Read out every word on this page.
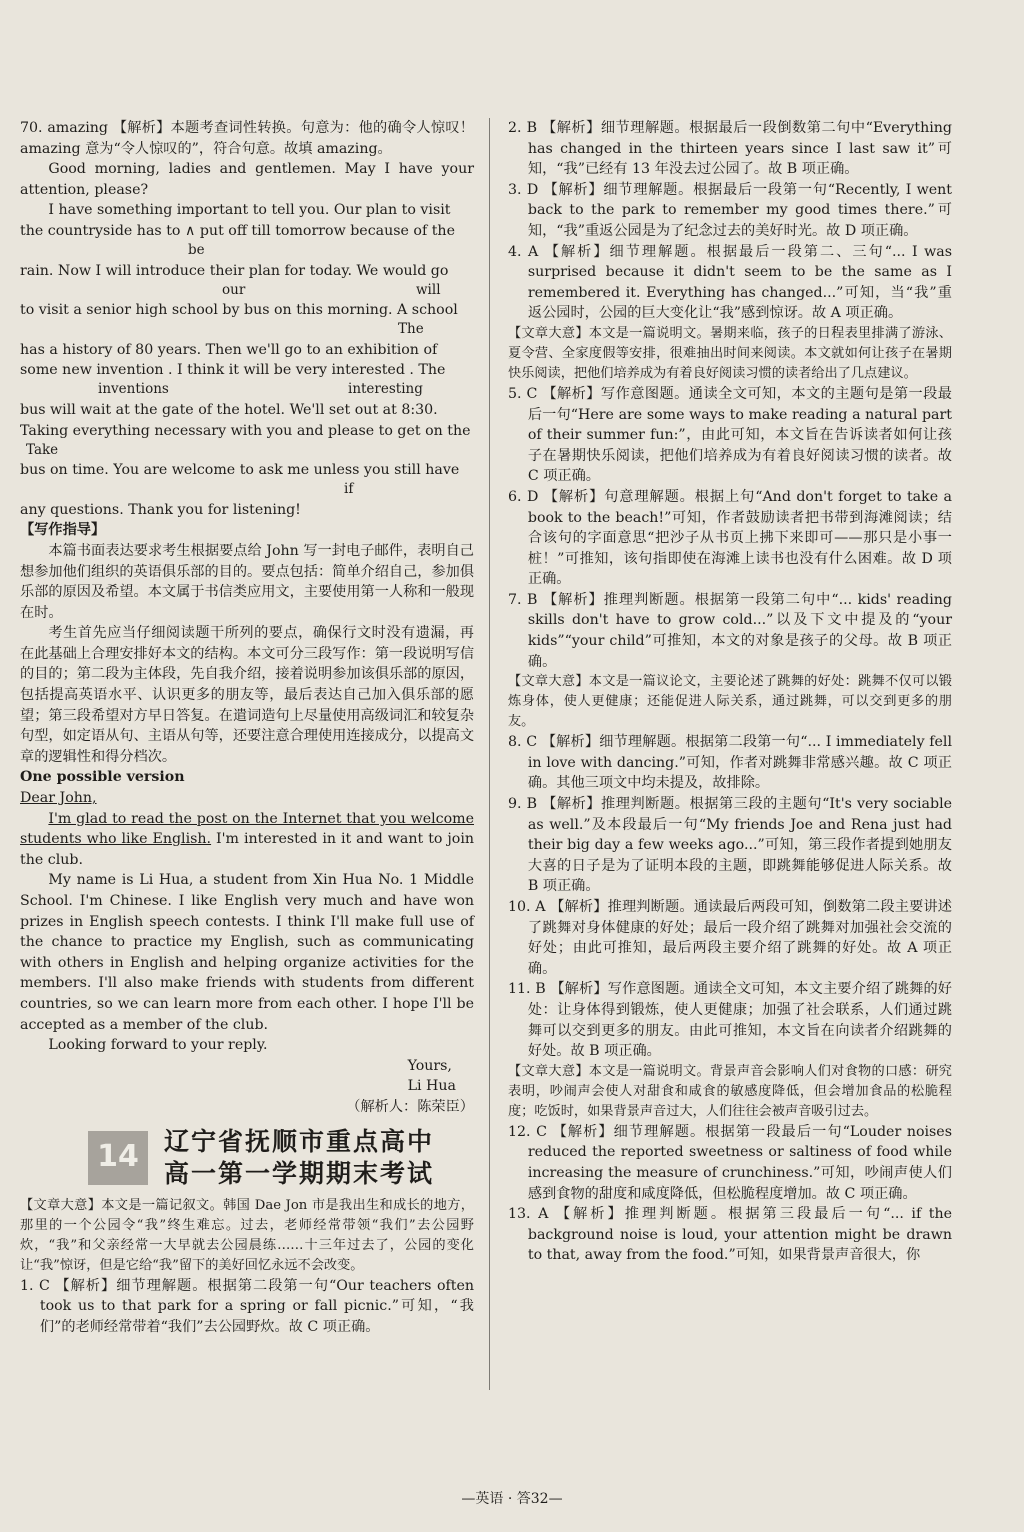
70. amazing 【解析】本题考查词性转换。句意为：他的确令人惊叹！amazing 意为“令人惊叹的”，符合句意。故填 amazing。

Good morning, ladies and gentlemen. May I have your attention, please?

I have something important to tell you. Our plan to visit
the countryside has to ∧ put off till tomorrow because of the
be
rain. Now I will introduce their plan for today. We would go
our	will
to visit a senior high school by bus on this morning. A school
The
has a history of 80 years. Then we'll go to an exhibition of
some new invention . I think it will be very interested . The
inventions	interesting
bus will wait at the gate of the hotel. We'll set out at 8:30.
Taking everything necessary with you and please to get on the
Take
bus on time. You are welcome to ask me unless you still have
if
any questions. Thank you for listening!

【写作指导】

本篇书面表达要求考生根据要点给 John 写一封电子邮件，表明自己想参加他们组织的英语俱乐部的目的。要点包括：简单介绍自己，参加俱乐部的原因及希望。本文属于书信类应用文，主要使用第一人称和一般现在时。

考生首先应当仔细阅读题干所列的要点，确保行文时没有遗漏，再在此基础上合理安排好本文的结构。本文可分三段写作：第一段说明写信的目的；第二段为主体段，先自我介绍，接着说明参加该俱乐部的原因，包括提高英语水平、认识更多的朋友等，最后表达自己加入俱乐部的愿望；第三段希望对方早日答复。在遣词造句上尽量使用高级词汇和较复杂句型，如定语从句、主语从句等，还要注意合理使用连接成分，以提高文章的逻辑性和得分档次。

One possible version

Dear John,

I'm glad to read the post on the Internet that you welcome students who like English. I'm interested in it and want to join the club.

My name is Li Hua, a student from Xin Hua No. 1 Middle School. I'm Chinese. I like English very much and have won prizes in English speech contests. I think I'll make full use of the chance to practice my English, such as communicating with others in English and helping organize activities for the members. I'll also make friends with students from different countries, so we can learn more from each other. I hope I'll be accepted as a member of the club.

Looking forward to your reply.

Yours,
Li Hua

（解析人：陈荣臣）

14	辽宁省抚顺市重点高中
高一第一学期期末考试

【文章大意】本文是一篇记叙文。韩国 Dae Jon 市是我出生和成长的地方，那里的一个公园令“我”终生难忘。过去，老师经常带领“我们”去公园野炊，“我”和父亲经常一大早就去公园晨练……十三年过去了，公园的变化让“我”惊讶，但是它给“我”留下的美好回忆永远不会改变。

1. C 【解析】细节理解题。根据第二段第一句“Our teachers often took us to that park for a spring or fall picnic.”可知，“我们”的老师经常带着“我们”去公园野炊。故 C 项正确。

2. B 【解析】细节理解题。根据最后一段倒数第二句中“Everything has changed in the thirteen years since I last saw it”可知，“我”已经有 13 年没去过公园了。故 B 项正确。

3. D 【解析】细节理解题。根据最后一段第一句“Recently, I went back to the park to remember my good times there.”可知，“我”重返公园是为了纪念过去的美好时光。故 D 项正确。

4. A 【解析】细节理解题。根据最后一段第二、三句“... I was surprised because it didn't seem to be the same as I remembered it. Everything has changed...”可知，当“我”重返公园时，公园的巨大变化让“我”感到惊讶。故 A 项正确。

【文章大意】本文是一篇说明文。暑期来临，孩子的日程表里排满了游泳、夏令营、全家度假等安排，很难抽出时间来阅读。本文就如何让孩子在暑期快乐阅读，把他们培养成为有着良好阅读习惯的读者给出了几点建议。

5. C 【解析】写作意图题。通读全文可知，本文的主题句是第一段最后一句“Here are some ways to make reading a natural part of their summer fun:”，由此可知，本文旨在告诉读者如何让孩子在暑期快乐阅读，把他们培养成为有着良好阅读习惯的读者。故 C 项正确。

6. D 【解析】句意理解题。根据上句“And don't forget to take a book to the beach!”可知，作者鼓励读者把书带到海滩阅读；结合该句的字面意思“把沙子从书页上拂下来即可——那只是小事一桩！”可推知，该句指即使在海滩上读书也没有什么困难。故 D 项正确。

7. B 【解析】推理判断题。根据第一段第二句中“... kids' reading skills don't have to grow cold...”以及下文中提及的“your kids”“your child”可推知，本文的对象是孩子的父母。故 B 项正确。

【文章大意】本文是一篇议论文，主要论述了跳舞的好处：跳舞不仅可以锻炼身体，使人更健康；还能促进人际关系，通过跳舞，可以交到更多的朋友。

8. C 【解析】细节理解题。根据第二段第一句“... I immediately fell in love with dancing.”可知，作者对跳舞非常感兴趣。故 C 项正确。其他三项文中均未提及，故排除。

9. B 【解析】推理判断题。根据第三段的主题句“It's very sociable as well.”及本段最后一句“My friends Joe and Rena just had their big day a few weeks ago...”可知，第三段作者提到她朋友大喜的日子是为了证明本段的主题，即跳舞能够促进人际关系。故 B 项正确。

10. A 【解析】推理判断题。通读最后两段可知，倒数第二段主要讲述了跳舞对身体健康的好处；最后一段介绍了跳舞对加强社会交流的好处；由此可推知，最后两段主要介绍了跳舞的好处。故 A 项正确。

11. B 【解析】写作意图题。通读全文可知，本文主要介绍了跳舞的好处：让身体得到锻炼，使人更健康；加强了社会联系，人们通过跳舞可以交到更多的朋友。由此可推知，本文旨在向读者介绍跳舞的好处。故 B 项正确。

【文章大意】本文是一篇说明文。背景声音会影响人们对食物的口感：研究表明，吵闹声会使人对甜食和咸食的敏感度降低，但会增加食品的松脆程度；吃饭时，如果背景声音过大，人们往往会被声音吸引过去。

12. C 【解析】细节理解题。根据第一段最后一句“Louder noises reduced the reported sweetness or saltiness of food while increasing the measure of crunchiness.”可知，吵闹声使人们感到食物的甜度和咸度降低，但松脆程度增加。故 C 项正确。

13. A 【解析】推理判断题。根据第三段最后一句“... if the background noise is loud, your attention might be drawn to that, away from the food.”可知，如果背景声音很大，你

—英语 · 答32—
